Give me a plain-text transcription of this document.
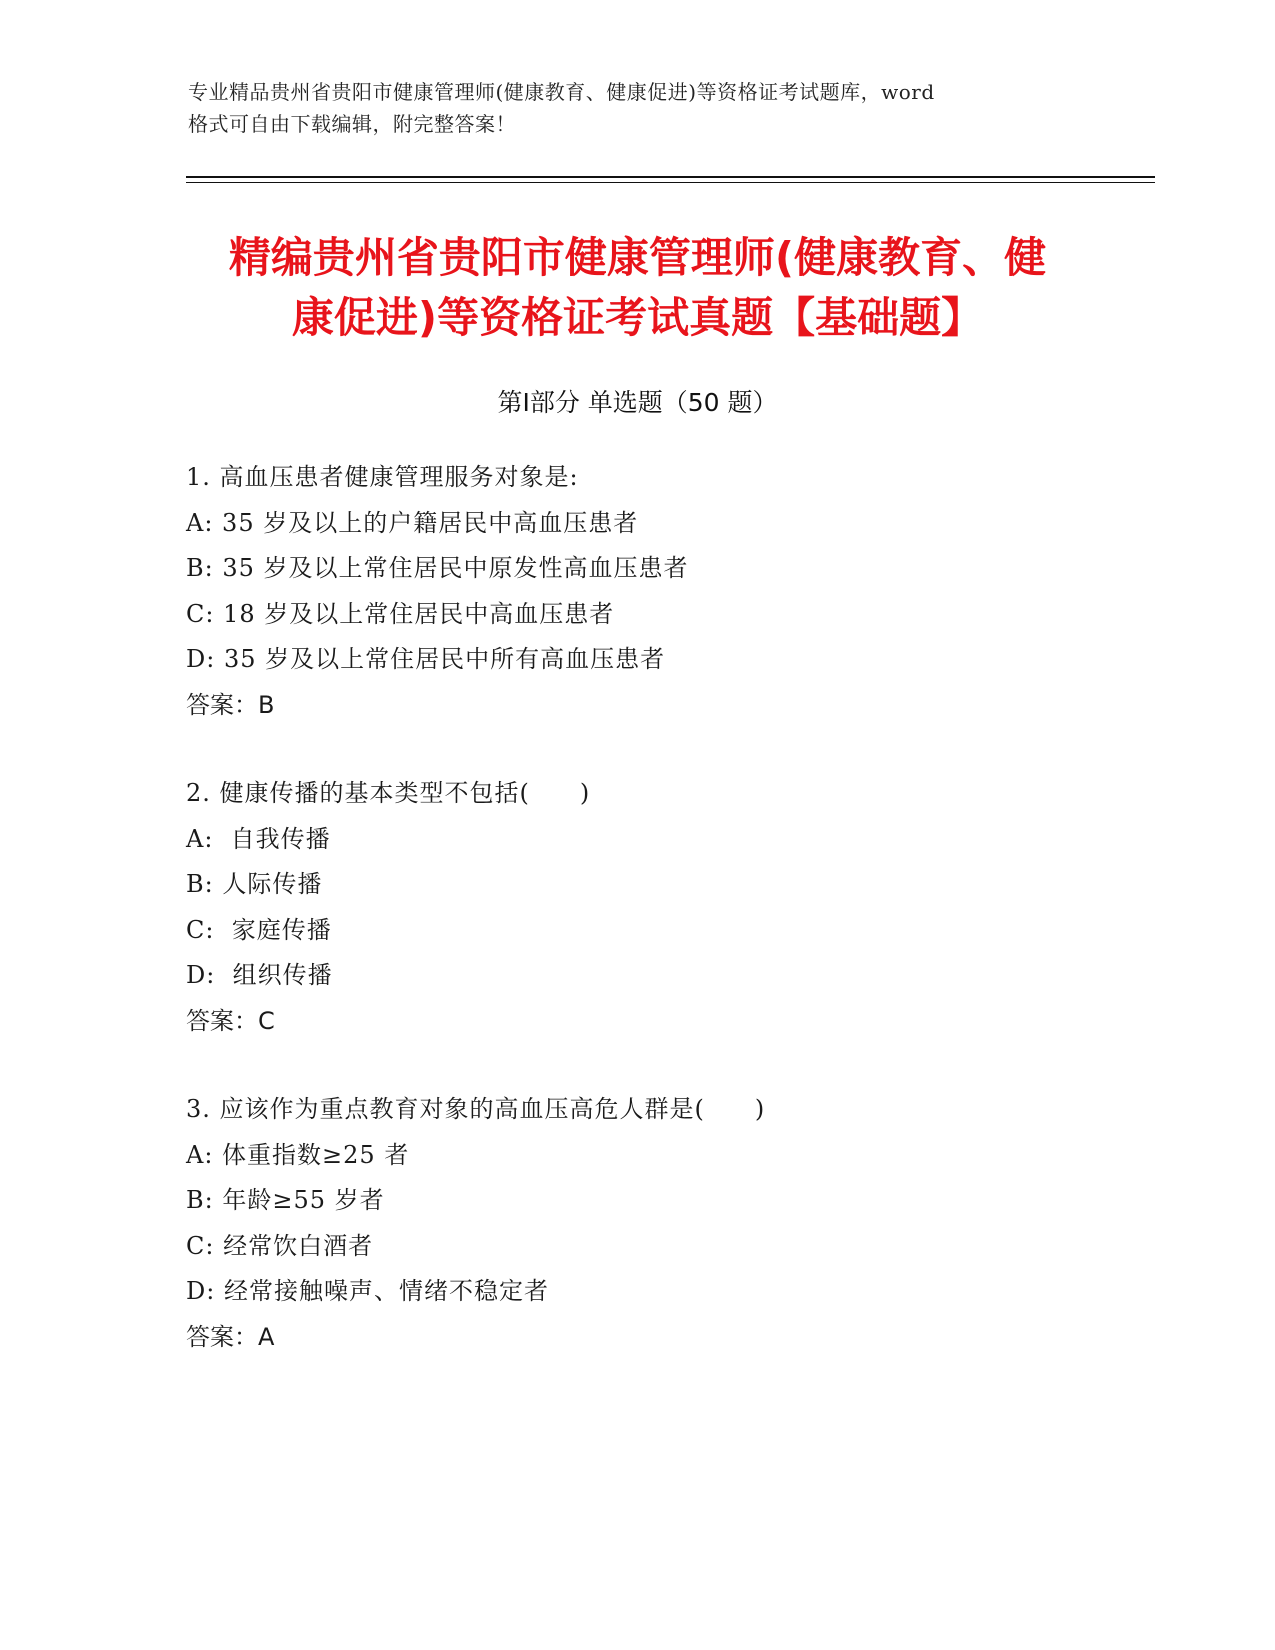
专业精品贵州省贵阳市健康管理师(健康教育、健康促进)等资格证考试题库，word
格式可自由下载编辑，附完整答案！
精编贵州省贵阳市健康管理师(健康教育、健
康促进)等资格证考试真题【基础题】
第Ⅰ部分 单选题（50 题）
1. 高血压患者健康管理服务对象是:
A: 35 岁及以上的户籍居民中高血压患者
B: 35 岁及以上常住居民中原发性高血压患者
C: 18 岁及以上常住居民中高血压患者
D: 35 岁及以上常住居民中所有高血压患者
答案：B
2. 健康传播的基本类型不包括(　　)
A:  自我传播
B: 人际传播
C:  家庭传播
D:  组织传播
答案：C
3. 应该作为重点教育对象的高血压高危人群是(　　)
A: 体重指数≥25 者
B: 年龄≥55 岁者
C: 经常饮白酒者
D: 经常接触噪声、情绪不稳定者
答案：A
